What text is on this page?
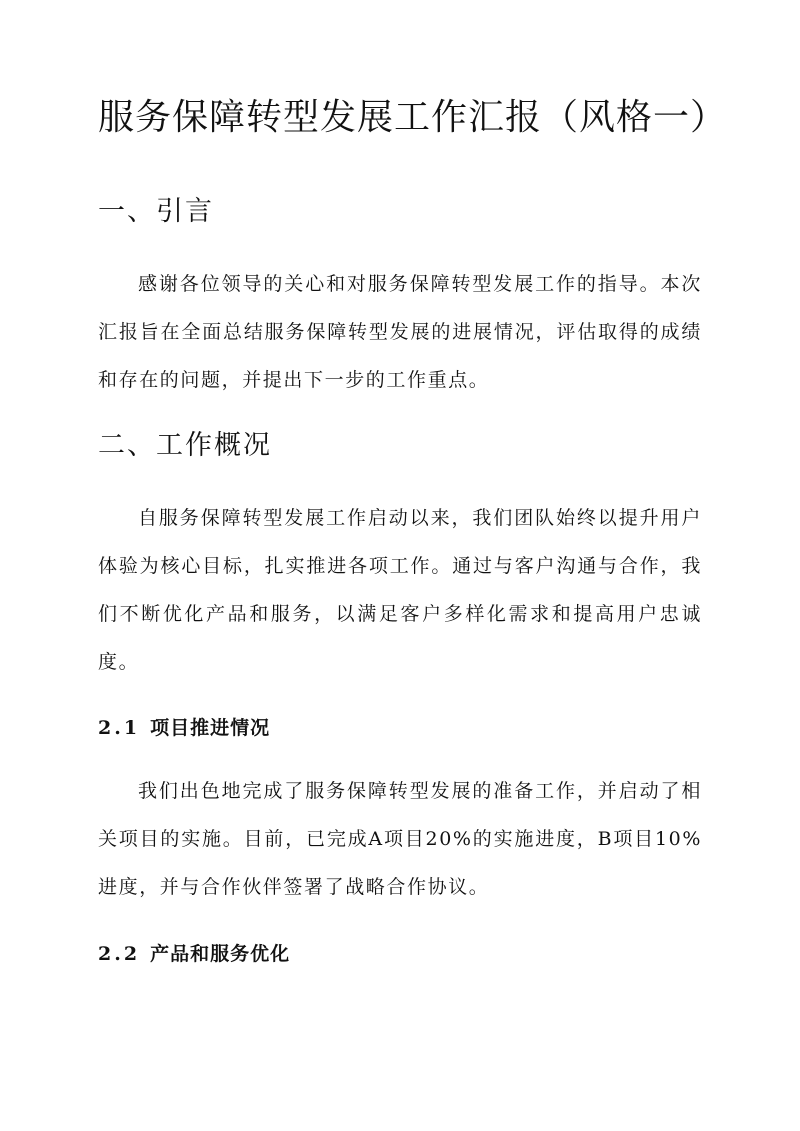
服务保障转型发展工作汇报（风格一）
一、引言

感谢各位领导的关心和对服务保障转型发展工作的指导。本次汇报旨在全面总结服务保障转型发展的进展情况，评估取得的成绩和存在的问题，并提出下一步的工作重点。

二、工作概况

自服务保障转型发展工作启动以来，我们团队始终以提升用户体验为核心目标，扎实推进各项工作。通过与客户沟通与合作，我们不断优化产品和服务，以满足客户多样化需求和提高用户忠诚度。

2.1 项目推进情况

我们出色地完成了服务保障转型发展的准备工作，并启动了相关项目的实施。目前，已完成A项目20%的实施进度，B项目10%进度，并与合作伙伴签署了战略合作协议。

2.2 产品和服务优化
